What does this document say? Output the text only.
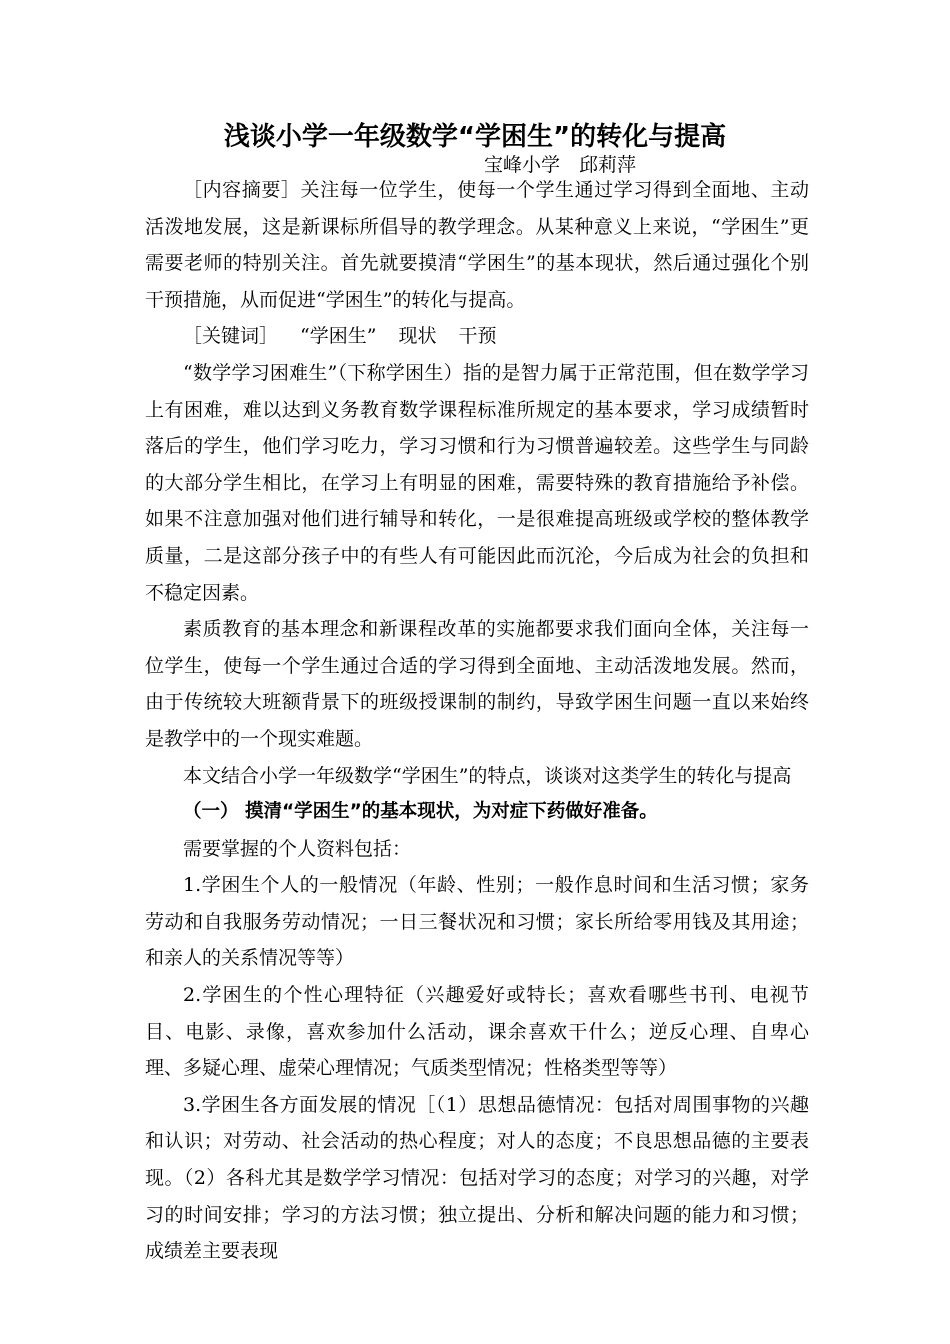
浅谈小学一年级数学“学困生”的转化与提高
宝峰小学　邱莉萍

［内容摘要］关注每一位学生，使每一个学生通过学习得到全面地、主动活泼地发展，这是新课标所倡导的教学理念。从某种意义上来说，“学困生”更需要老师的特别关注。首先就要摸清“学困生”的基本现状，然后通过强化个别干预措施，从而促进“学困生”的转化与提高。

［关键词］ “学困生” 现状 干预

“数学学习困难生”（下称学困生）指的是智力属于正常范围，但在数学学习上有困难，难以达到义务教育数学课程标准所规定的基本要求，学习成绩暂时落后的学生，他们学习吃力，学习习惯和行为习惯普遍较差。这些学生与同龄的大部分学生相比，在学习上有明显的困难，需要特殊的教育措施给予补偿。如果不注意加强对他们进行辅导和转化，一是很难提高班级或学校的整体教学质量，二是这部分孩子中的有些人有可能因此而沉沦，今后成为社会的负担和不稳定因素。

素质教育的基本理念和新课程改革的实施都要求我们面向全体，关注每一位学生，使每一个学生通过合适的学习得到全面地、主动活泼地发展。然而，由于传统较大班额背景下的班级授课制的制约，导致学困生问题一直以来始终是教学中的一个现实难题。

本文结合小学一年级数学“学困生”的特点，谈谈对这类学生的转化与提高

（一） 摸清“学困生”的基本现状，为对症下药做好准备。

需要掌握的个人资料包括：

1.学困生个人的一般情况（年龄、性别；一般作息时间和生活习惯；家务劳动和自我服务劳动情况；一日三餐状况和习惯；家长所给零用钱及其用途；和亲人的关系情况等等）

2.学困生的个性心理特征（兴趣爱好或特长；喜欢看哪些书刊、电视节目、电影、录像，喜欢参加什么活动，课余喜欢干什么；逆反心理、自卑心理、多疑心理、虚荣心理情况；气质类型情况；性格类型等等）

3.学困生各方面发展的情况［（1）思想品德情况：包括对周围事物的兴趣和认识；对劳动、社会活动的热心程度；对人的态度；不良思想品德的主要表现。（2）各科尤其是数学学习情况：包括对学习的态度；对学习的兴趣，对学习的时间安排；学习的方法习惯；独立提出、分析和解决问题的能力和习惯；成绩差主要表现
